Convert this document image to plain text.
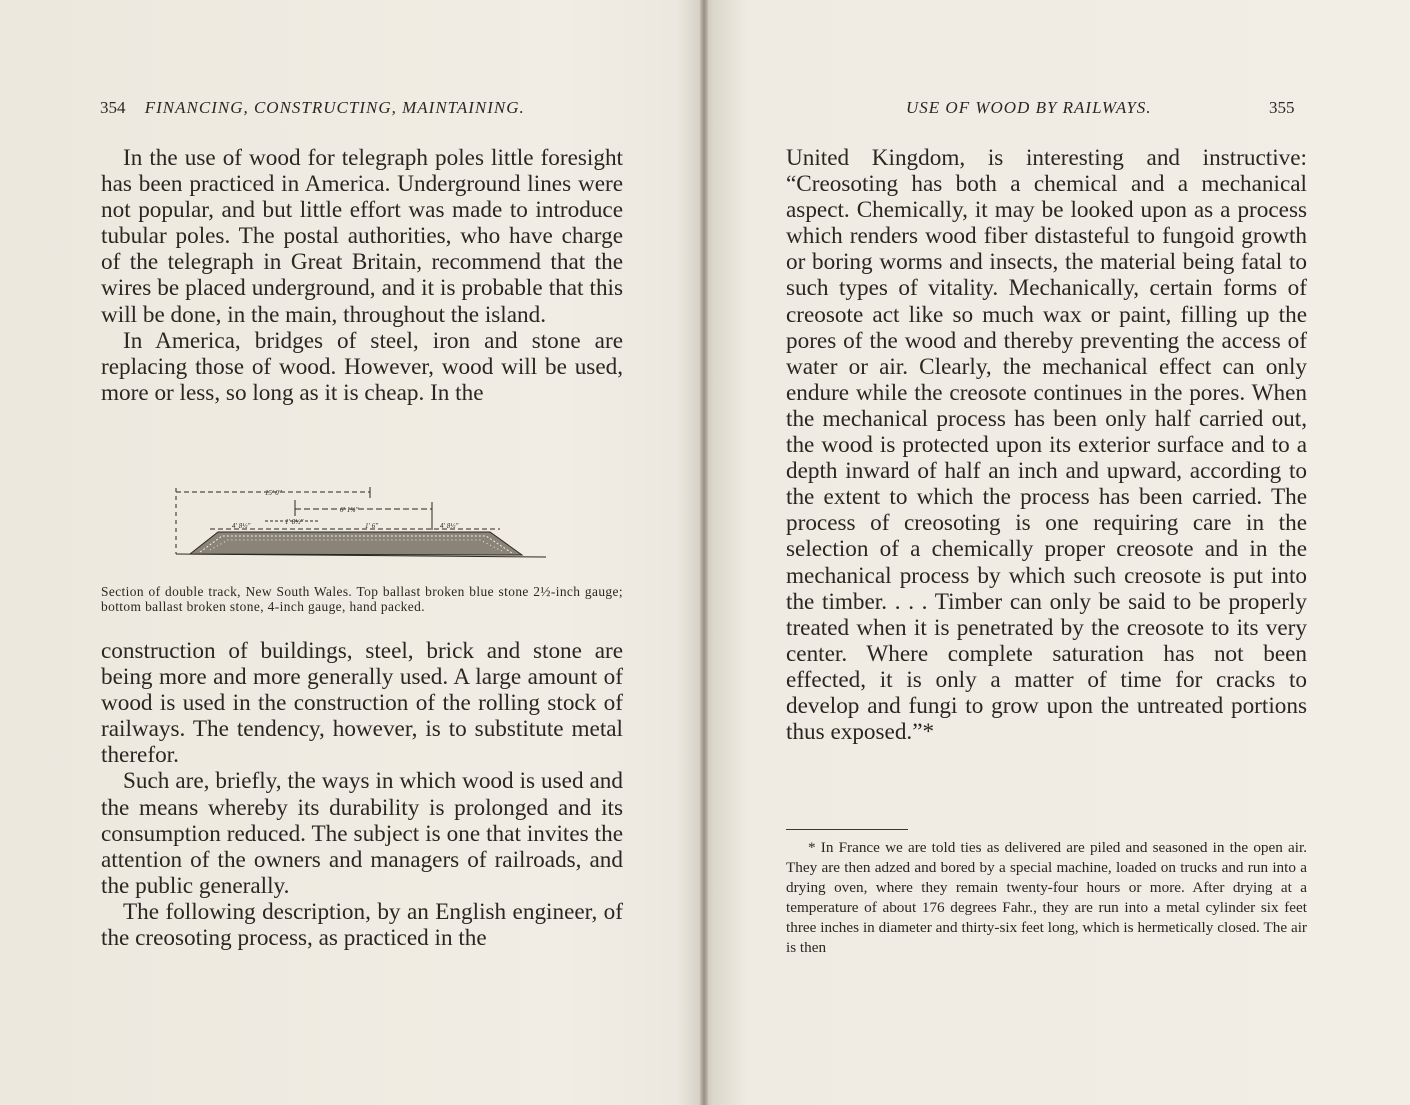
354 FINANCING, CONSTRUCTING, MAINTAINING.

In the use of wood for telegraph poles little foresight has been practiced in America. Underground lines were not popular, and but little effort was made to introduce tubular poles. The postal authorities, who have charge of the telegraph in Great Britain, recommend that the wires be placed underground, and it is probable that this will be done, in the main, throughout the island.

In America, bridges of steel, iron and stone are replacing those of wood. However, wood will be used, more or less, so long as it is cheap. In the

15' 0"
6' 1⅝"
1' 8½"
4' 8½"	1' 6"	4' 8½"
Section of double track, New South Wales. Top ballast broken blue stone 2½-inch gauge; bottom ballast broken stone, 4-inch gauge, hand packed.

construction of buildings, steel, brick and stone are being more and more generally used. A large amount of wood is used in the construction of the rolling stock of railways. The tendency, however, is to substitute metal therefor.

Such are, briefly, the ways in which wood is used and the means whereby its durability is prolonged and its consumption reduced. The subject is one that invites the attention of the owners and managers of railroads, and the public generally.

The following description, by an English engineer, of the creosoting process, as practiced in the

USE OF WOOD BY RAILWAYS.	355

United Kingdom, is interesting and instructive: “Creosoting has both a chemical and a mechanical aspect. Chemically, it may be looked upon as a process which renders wood fiber distasteful to fungoid growth or boring worms and insects, the material being fatal to such types of vitality. Mechanically, certain forms of creosote act like so much wax or paint, filling up the pores of the wood and thereby preventing the access of water or air. Clearly, the mechanical effect can only endure while the creosote continues in the pores. When the mechanical process has been only half carried out, the wood is protected upon its exterior surface and to a depth inward of half an inch and upward, according to the extent to which the process has been carried. The process of creosoting is one requiring care in the selection of a chemically proper creosote and in the mechanical process by which such creosote is put into the timber. . . . Timber can only be said to be properly treated when it is penetrated by the creosote to its very center. Where complete saturation has not been effected, it is only a matter of time for cracks to develop and fungi to grow upon the untreated portions thus exposed.”*

* In France we are told ties as delivered are piled and seasoned in the open air. They are then adzed and bored by a special machine, loaded on trucks and run into a drying oven, where they remain twenty-four hours or more. After drying at a temperature of about 176 degrees Fahr., they are run into a metal cylinder six feet three inches in diameter and thirty-six feet long, which is hermetically closed. The air is then
